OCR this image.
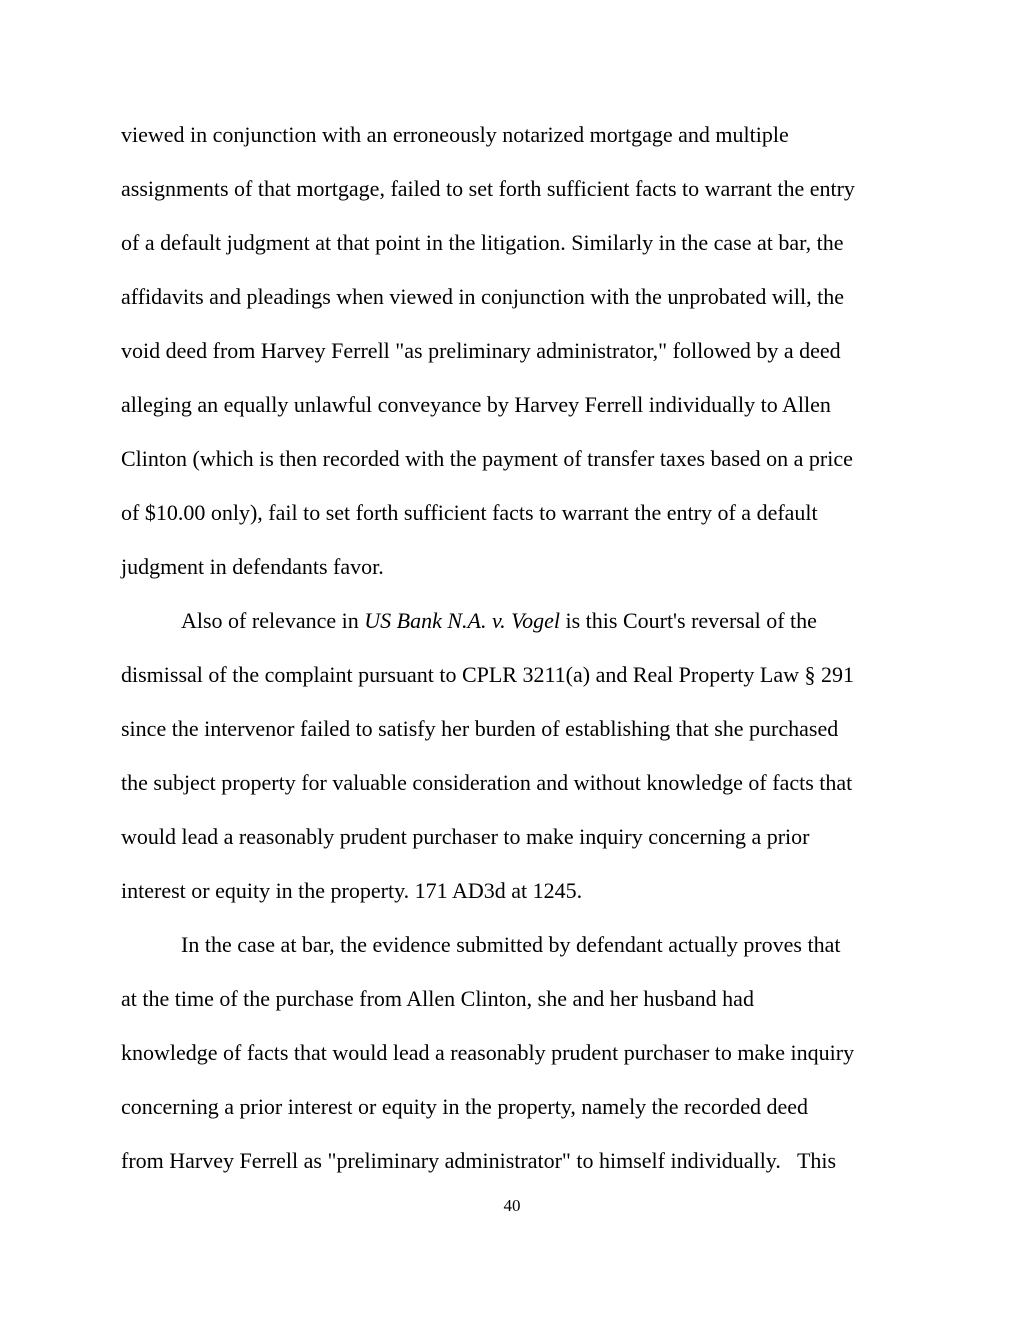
viewed in conjunction with an erroneously notarized mortgage and multiple
assignments of that mortgage, failed to set forth sufficient facts to warrant the entry
of a default judgment at that point in the litigation. Similarly in the case at bar, the
affidavits and pleadings when viewed in conjunction with the unprobated will, the
void deed from Harvey Ferrell "as preliminary administrator," followed by a deed
alleging an equally unlawful conveyance by Harvey Ferrell individually to Allen
Clinton (which is then recorded with the payment of transfer taxes based on a price
of $10.00 only), fail to set forth sufficient facts to warrant the entry of a default
judgment in defendants favor.
Also of relevance in US Bank N.A. v. Vogel is this Court's reversal of the
dismissal of the complaint pursuant to CPLR 3211(a) and Real Property Law § 291
since the intervenor failed to satisfy her burden of establishing that she purchased
the subject property for valuable consideration and without knowledge of facts that
would lead a reasonably prudent purchaser to make inquiry concerning a prior
interest or equity in the property. 171 AD3d at 1245.
In the case at bar, the evidence submitted by defendant actually proves that
at the time of the purchase from Allen Clinton, she and her husband had
knowledge of facts that would lead a reasonably prudent purchaser to make inquiry
concerning a prior interest or equity in the property, namely the recorded deed
from Harvey Ferrell as "preliminary administrator" to himself individually.   This
40
